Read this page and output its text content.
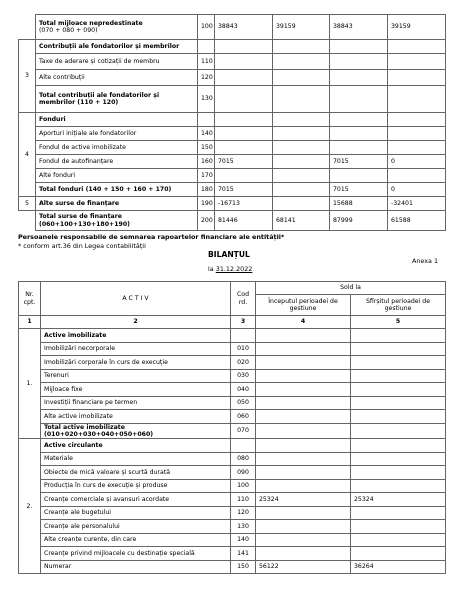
	Total mijloace nepredestinate
(070 + 080 + 090)	100	38843	39159	38843	39159
3	Contribuții ale fondatorilor și membrilor					
	Taxe de aderare și cotizații de membru	110				
	Alte contribuții	120				
	Total contribuții ale fondatorilor și membrilor (110 + 120)	130				
4	Fonduri					
	Aporturi inițiale ale fondatorilor	140				
	Fondul de active imobilizate	150				
	Fondul de autofinanțare	160	7015		7015	0
	Alte fonduri	170				
	Total fonduri (140 + 150 + 160 + 170)	180	7015		7015	0
5	Alte surse de finanțare	190	-16713		15688	-32401
	Total surse de finanțare
(060+100+130+180+190)	200	81446	68141	87999	61588
Persoanele responsabile de semnarea rapoartelor financiare ale entității*
* conform art.36 din Legea contabilității
BILANȚUL
Anexa 1
la 31.12.2022
Nr. cpt.	A C T I V	Cod rd.	Sold la	
			Începutul perioadei de gestiune	Sfîrșitul perioadei de gestiune
1	2	3	4	5
1.	Active imobilizate			
	Imobilizări necorporale	010		
	Imobilizări corporale în curs de execuție	020		
	Terenuri	030		
	Mijloace fixe	040		
	Investiții financiare pe termen	050		
	Alte active imobilizate	060		
	Total active imobilizate (010+020+030+040+050+060)	070		
2.	Active circulante			
	Materiale	080		
	Obiecte de mică valoare și scurtă durată	090		
	Producția în curs de execuție și produse	100		
	Creanțe comerciale și avansuri acordate	110	25324	25324
	Creanțe ale bugetului	120		
	Creanțe ale personalului	130		
	Alte creanțe curente, din care	140		
	Creanțe privind mijloacele cu destinație specială	141		
	Numerar	150	56122	36264
